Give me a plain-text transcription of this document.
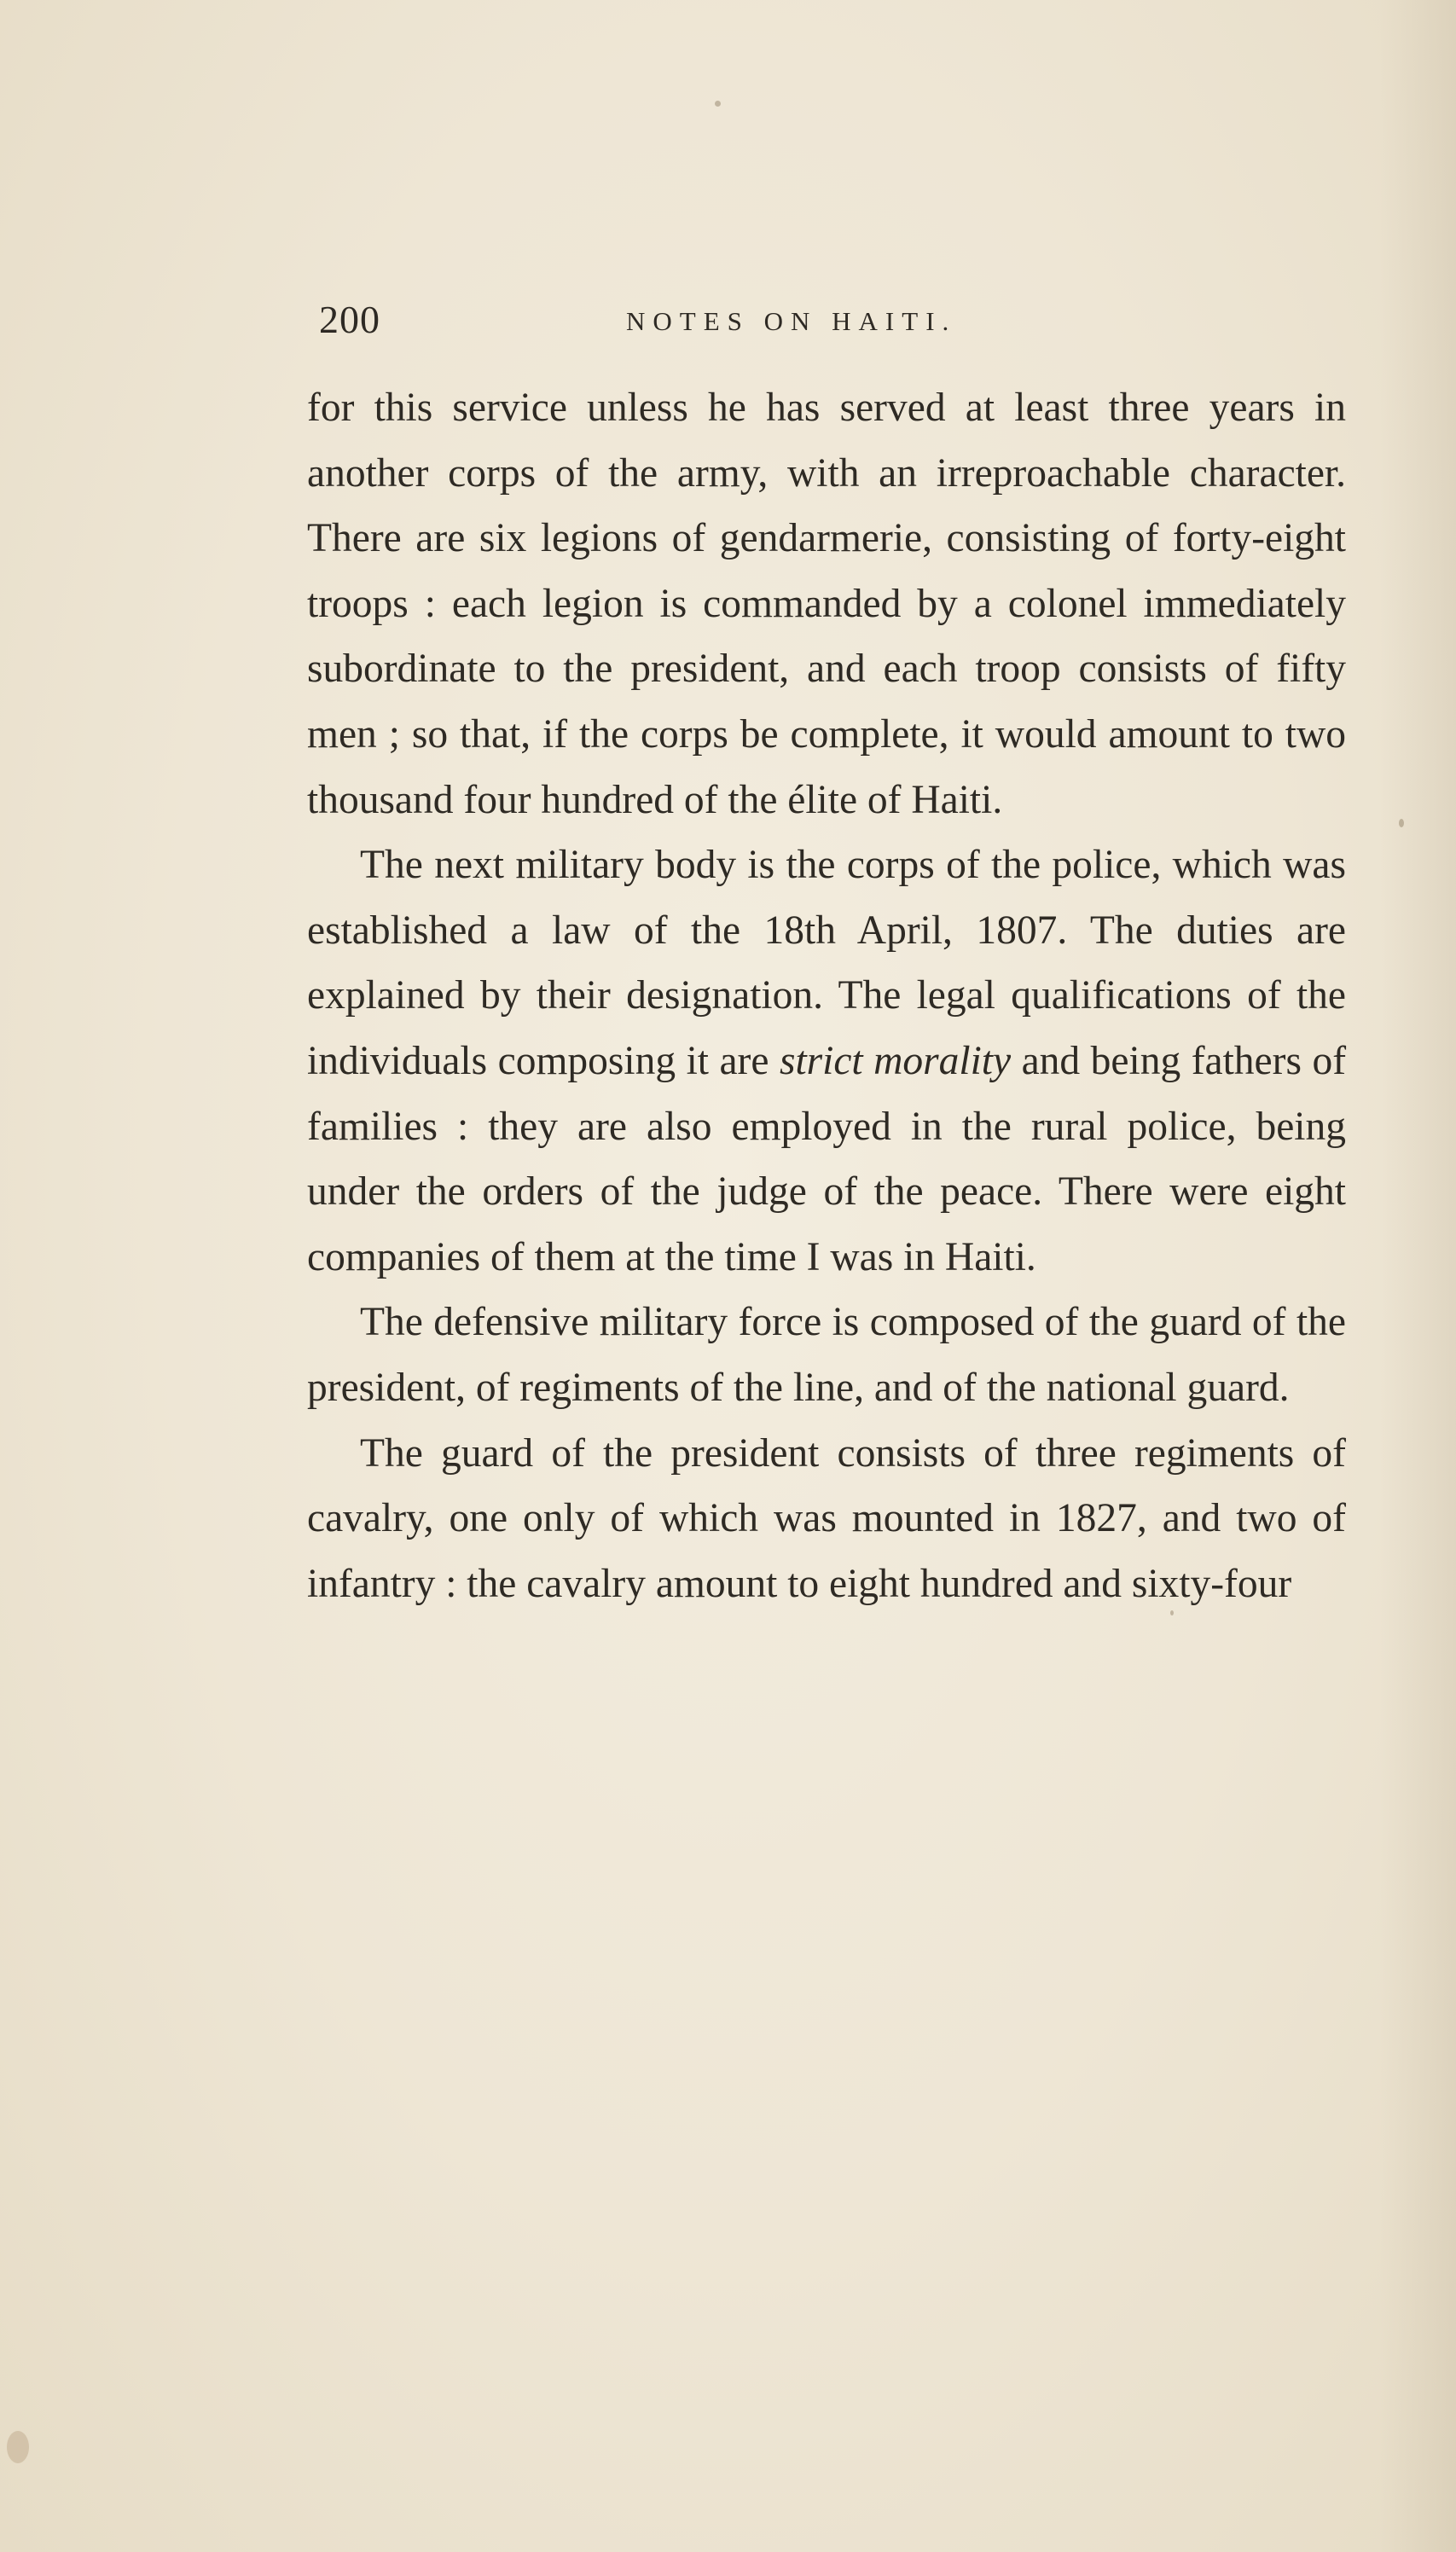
200	NOTES ON HAITI.

for this service unless he has served at least three years in another corps of the army, with an irreproachable character. There are six legions of gendarmerie, consisting of forty-eight troops : each legion is commanded by a colonel immediately subordinate to the president, and each troop consists of fifty men ; so that, if the corps be complete, it would amount to two thousand four hundred of the élite of Haiti.

The next military body is the corps of the police, which was established a law of the 18th April, 1807. The duties are explained by their designation. The legal qualifications of the individuals composing it are strict morality and being fathers of families : they are also employed in the rural police, being under the orders of the judge of the peace. There were eight companies of them at the time I was in Haiti.

The defensive military force is composed of the guard of the president, of regiments of the line, and of the national guard.

The guard of the president consists of three regiments of cavalry, one only of which was mounted in 1827, and two of infantry : the cavalry amount to eight hundred and sixty-four
